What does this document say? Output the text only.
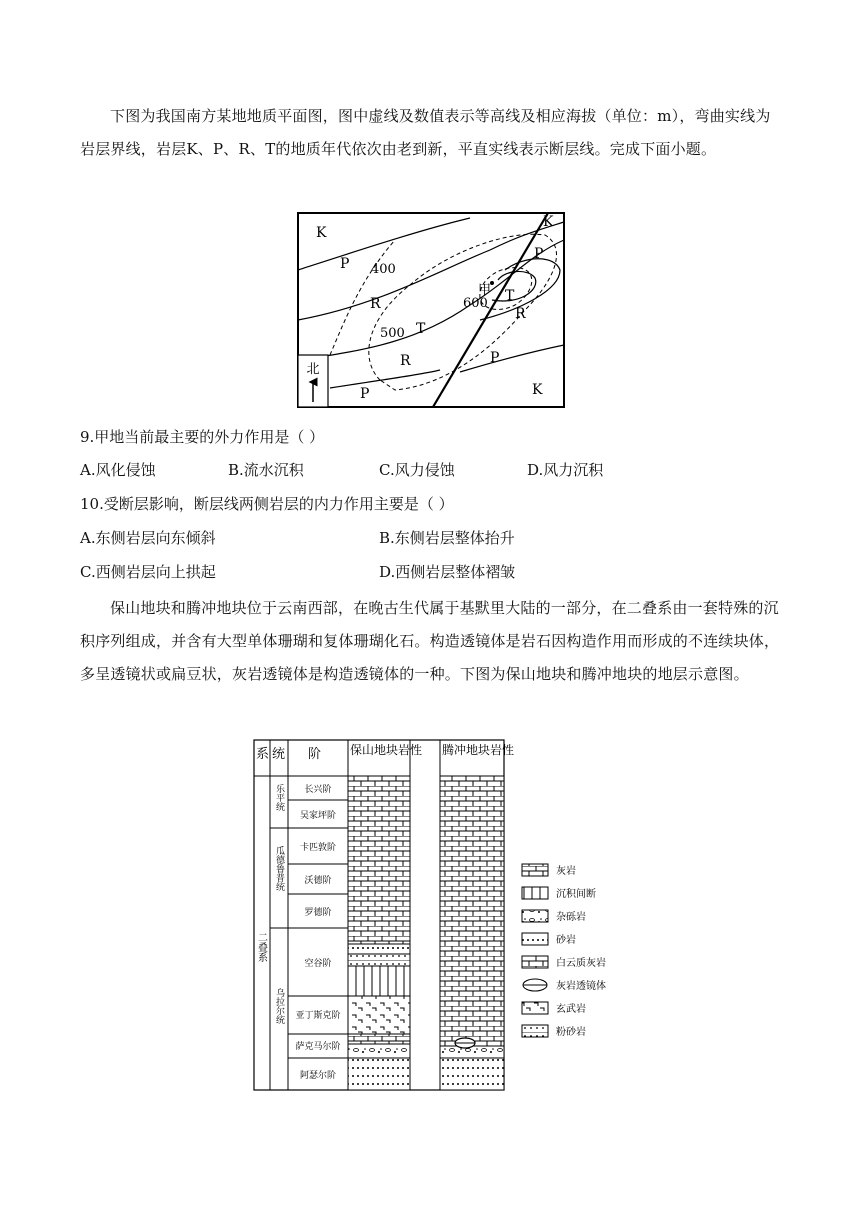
下图为我国南方某地地质平面图，图中虚线及数值表示等高线及相应海拔（单位：m），弯曲实线为岩层界线，岩层K、P、R、T的地质年代依次由老到新，平直实线表示断层线。完成下面小题。
北
K
P
R
T
R
P
K
P
T
R
P
K
400
500
600
甲
9.甲地当前最主要的外力作用是（ ）
A.风化侵蚀	B.流水沉积	C.风力侵蚀	D.风力沉积
10.受断层影响，断层线两侧岩层的内力作用主要是（ ）
A.东侧岩层向东倾斜	B.东侧岩层整体抬升
C.西侧岩层向上拱起	D.西侧岩层整体褶皱
保山地块和腾冲地块位于云南西部，在晚古生代属于基默里大陆的一部分，在二叠系由一套特殊的沉积序列组成，并含有大型单体珊瑚和复体珊瑚化石。构造透镜体是岩石因构造作用而形成的不连续块体，多呈透镜状或扁豆状，灰岩透镜体是构造透镜体的一种。下图为保山地块和腾冲地块的地层示意图。
系 统 阶 保山地块岩性 腾冲地块岩性
二叠系
乐平统
瓜德鲁普统
乌拉尔统
长兴阶
吴家坪阶
卡匹敦阶
沃德阶
罗德阶
空谷阶
亚丁斯克阶
萨克马尔阶
阿瑟尔阶
灰岩
沉积间断
杂砾岩
砂岩
白云质灰岩
灰岩透镜体
玄武岩
粉砂岩
